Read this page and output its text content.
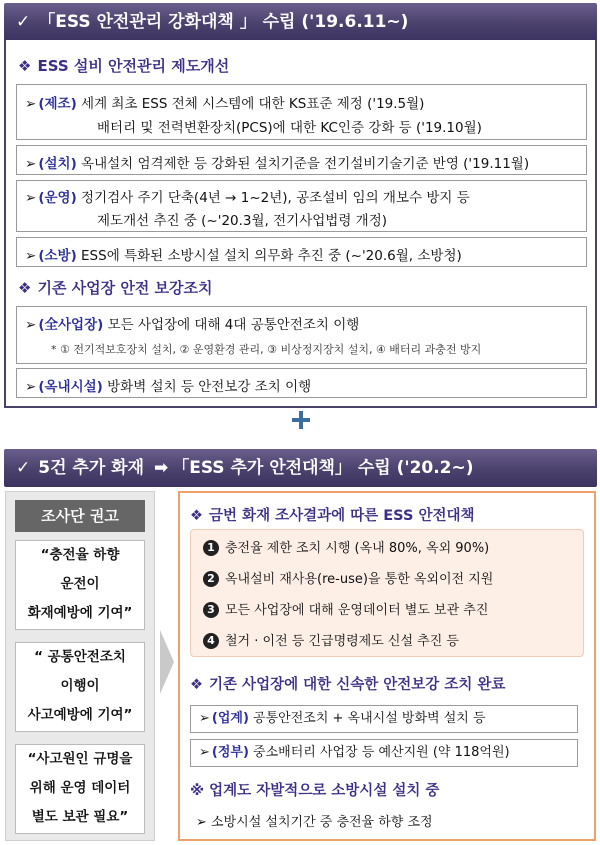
✓ 「ESS 안전관리 강화대책 」 수립 ('19.6.11~)
❖ ESS 설비 안전관리 제도개선
➢ (제조) 세계 최초 ESS 전체 시스템에 대한 KS표준 제정 ('19.5월)
배터리 및 전력변환장치(PCS)에 대한 KC인증 강화 등 ('19.10월)
➢ (설치) 옥내설치 엄격제한 등 강화된 설치기준을 전기설비기술기준 반영 ('19.11월)
➢ (운영) 정기검사 주기 단축(4년 → 1~2년), 공조설비 임의 개보수 방지 등
제도개선 추진 중 (~'20.3월, 전기사업법령 개정)
➢ (소방) ESS에 특화된 소방시설 설치 의무화 추진 중 (~'20.6월, 소방청)
❖ 기존 사업장 안전 보강조치
➢ (全사업장) 모든 사업장에 대해 4대 공통안전조치 이행
* ① 전기적보호장치 설치, ② 운영환경 관리, ③ 비상정지장치 설치, ④ 배터리 과충전 방지
➢ (옥내시설) 방화벽 설치 등 안전보강 조치 이행
✓ 5건 추가 화재 ➡ 「ESS 추가 안전대책」 수립 ('20.2~)
조사단 권고
“충전율 하향
운전이
화재예방에 기여”
“ 공통안전조치
이행이
사고예방에 기여”
“사고원인 규명을
위해 운영 데이터
별도 보관 필요”
❖ 금번 화재 조사결과에 따른 ESS 안전대책
1 충전율 제한 조치 시행 (옥내 80%, 옥외 90%)
2 옥내설비 재사용(re-use)을 통한 옥외이전 지원
3 모든 사업장에 대해 운영데이터 별도 보관 추진
4 철거 · 이전 등 긴급명령제도 신설 추진 등
❖ 기존 사업장에 대한 신속한 안전보강 조치 완료
➢ (업계) 공통안전조치 + 옥내시설 방화벽 설치 등
➢ (정부) 중소배터리 사업장 등 예산지원 (약 118억원)
※ 업계도 자발적으로 소방시설 설치 중
➢ 소방시설 설치기간 중 충전율 하향 조정
